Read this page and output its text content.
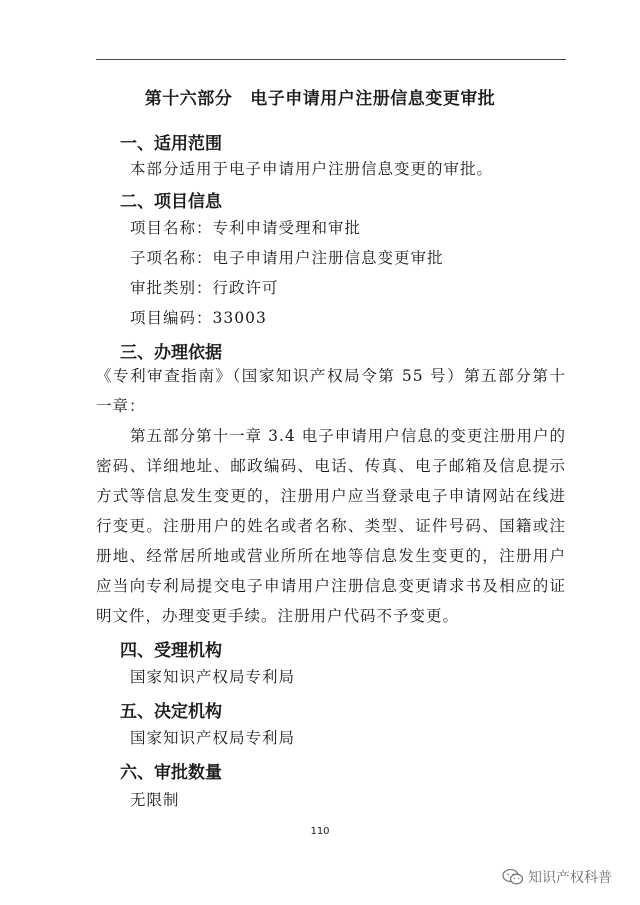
第十六部分 电子申请用户注册信息变更审批
一、适用范围
本部分适用于电子申请用户注册信息变更的审批。
二、项目信息
项目名称：专利申请受理和审批
子项名称：电子申请用户注册信息变更审批
审批类别：行政许可
项目编码：33003
三、办理依据
《专利审查指南》（国家知识产权局令第 55 号）第五部分第十一章：
第五部分第十一章 3.4 电子申请用户信息的变更注册用户的密码、详细地址、邮政编码、电话、传真、电子邮箱及信息提示方式等信息发生变更的，注册用户应当登录电子申请网站在线进行变更。注册用户的姓名或者名称、类型、证件号码、国籍或注册地、经常居所地或营业所所在地等信息发生变更的，注册用户应当向专利局提交电子申请用户注册信息变更请求书及相应的证明文件，办理变更手续。注册用户代码不予变更。
四、受理机构
国家知识产权局专利局
五、决定机构
国家知识产权局专利局
六、审批数量
无限制
110
知识产权科普
